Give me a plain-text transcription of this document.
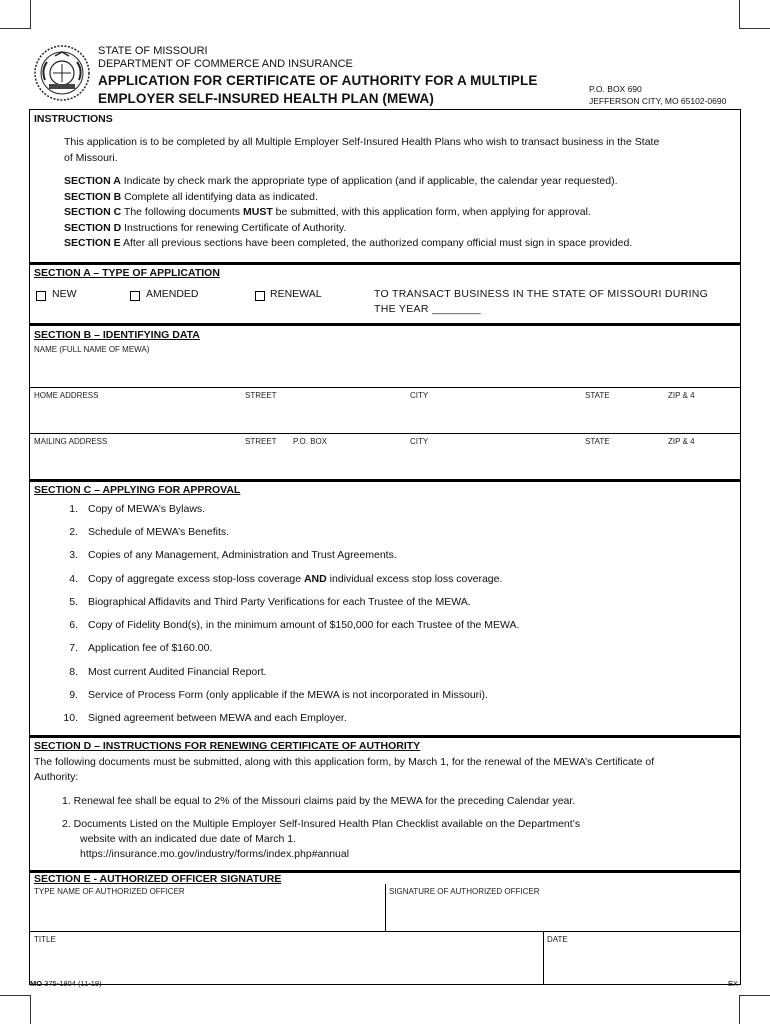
STATE OF MISSOURI
DEPARTMENT OF COMMERCE AND INSURANCE
APPLICATION FOR CERTIFICATE OF AUTHORITY FOR A MULTIPLE
EMPLOYER SELF-INSURED HEALTH PLAN (MEWA)
P.O. BOX 690
JEFFERSON CITY, MO 65102-0690
INSTRUCTIONS
This application is to be completed by all Multiple Employer Self-Insured Health Plans who wish to transact business in the State
of Missouri.
SECTION A Indicate by check mark the appropriate type of application (and if applicable, the calendar year requested).
SECTION B Complete all identifying data as indicated.
SECTION C The following documents MUST be submitted, with this application form, when applying for approval.
SECTION D Instructions for renewing Certificate of Authority.
SECTION E After all previous sections have been completed, the authorized company official must sign in space provided.
SECTION A – TYPE OF APPLICATION
NEW	AMENDED	RENEWAL	TO TRANSACT BUSINESS IN THE STATE OF MISSOURI DURING
THE YEAR ________
SECTION B – IDENTIFYING DATA
NAME (FULL NAME OF MEWA)
HOME ADDRESS	STREET	CITY	STATE	ZIP & 4
MAILING ADDRESS	STREET P.O. BOX	CITY	STATE	ZIP & 4
SECTION C – APPLYING FOR APPROVAL
1. Copy of MEWA’s Bylaws.
2. Schedule of MEWA’s Benefits.
3. Copies of any Management, Administration and Trust Agreements.
4. Copy of aggregate excess stop-loss coverage AND individual excess stop loss coverage.
5. Biographical Affidavits and Third Party Verifications for each Trustee of the MEWA.
6. Copy of Fidelity Bond(s), in the minimum amount of $150,000 for each Trustee of the MEWA.
7. Application fee of $160.00.
8. Most current Audited Financial Report.
9. Service of Process Form (only applicable if the MEWA is not incorporated in Missouri).
10. Signed agreement between MEWA and each Employer.
SECTION D – INSTRUCTIONS FOR RENEWING CERTIFICATE OF AUTHORITY
The following documents must be submitted, along with this application form, by March 1, for the renewal of the MEWA’s Certificate of
Authority:
1. Renewal fee shall be equal to 2% of the Missouri claims paid by the MEWA for the preceding Calendar year.
2. Documents Listed on the Multiple Employer Self-Insured Health Plan Checklist available on the Department’s
website with an indicated due date of March 1.
https://insurance.mo.gov/industry/forms/index.php#annual
SECTION E - AUTHORIZED OFFICER SIGNATURE
TYPE NAME OF AUTHORIZED OFFICER	SIGNATURE OF AUTHORIZED OFFICER
TITLE	DATE
MO 375-1804 (11-19)	EX
